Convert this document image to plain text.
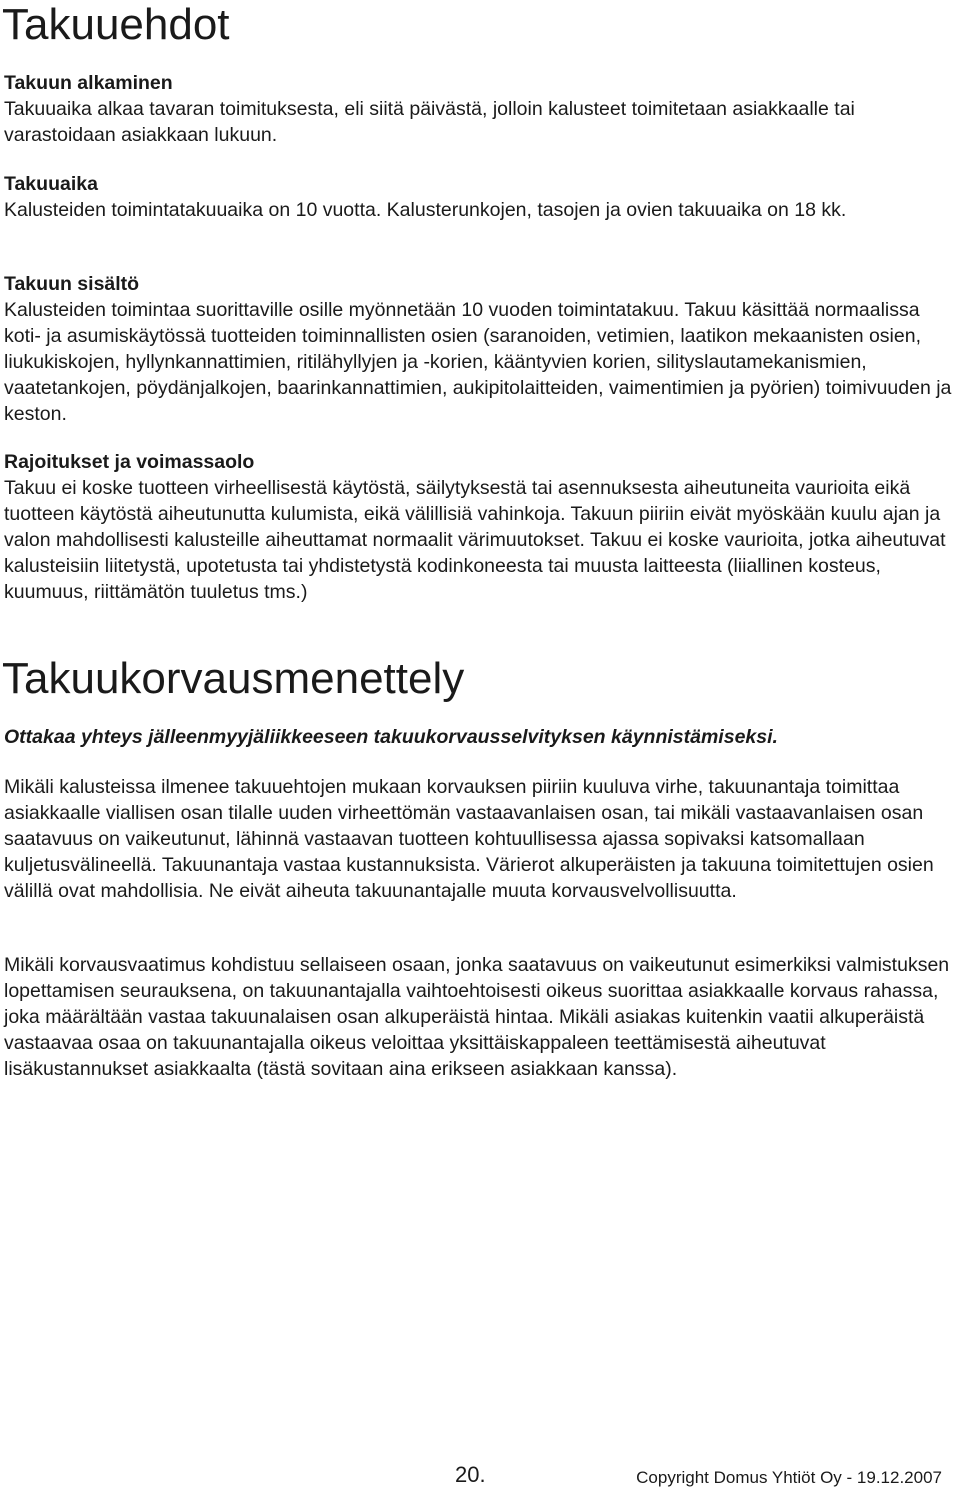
Takuuehdot
Takuun alkaminen

Takuuaika alkaa tavaran toimituksesta, eli siitä päivästä, jolloin kalusteet toimitetaan asiakkaalle tai varastoidaan asiakkaan lukuun.

Takuuaika

Kalusteiden toimintatakuuaika on 10 vuotta. Kalusterunkojen, tasojen ja ovien takuuaika on 18 kk.

Takuun sisältö

Kalusteiden toimintaa suorittaville osille myönnetään 10 vuoden toimintatakuu. Takuu käsittää normaalissa koti- ja asumiskäytössä tuotteiden toiminnallisten osien (saranoiden, vetimien, laatikon mekaanisten osien, liukukiskojen, hyllynkannattimien, ritilähyllyjen ja -korien, kääntyvien korien, silityslautamekanismien, vaatetankojen, pöydänjalkojen, baarinkannattimien, aukipitolaitteiden, vaimentimien ja pyörien) toimivuuden ja keston.

Rajoitukset ja voimassaolo

Takuu ei koske tuotteen virheellisestä käytöstä, säilytyksestä tai asennuksesta aiheutuneita vaurioita eikä tuotteen käytöstä aiheutunutta kulumista, eikä välillisiä vahinkoja. Takuun piiriin eivät myöskään kuulu ajan ja valon mahdollisesti kalusteille aiheuttamat normaalit värimuutokset. Takuu ei koske vaurioita, jotka aiheutuvat kalusteisiin liitetystä, upotetusta tai yhdistetystä kodinkoneesta tai muusta laitteesta (liiallinen kosteus, kuumuus, riittämätön tuuletus tms.)

Takuukorvausmenettely
Ottakaa yhteys jälleenmyyjäliikkeeseen takuukorvausselvityksen käynnistämiseksi.

Mikäli kalusteissa ilmenee takuuehtojen mukaan korvauksen piiriin kuuluva virhe, takuunantaja toimittaa asiakkaalle viallisen osan tilalle uuden virheettömän vastaavanlaisen osan, tai mikäli vastaavanlaisen osan saatavuus on vaikeutunut, lähinnä vastaavan tuotteen kohtuullisessa ajassa sopivaksi katsomallaan kuljetusvälineellä. Takuunantaja vastaa kustannuksista. Värierot alkuperäisten ja takuuna toimitettujen osien välillä ovat mahdollisia. Ne eivät aiheuta takuunantajalle muuta korvausvelvollisuutta.

Mikäli korvausvaatimus kohdistuu sellaiseen osaan, jonka saatavuus on vaikeutunut esimerkiksi valmistuksen lopettamisen seurauksena, on takuunantajalla vaihtoehtoisesti oikeus suorittaa asiakkaalle korvaus rahassa, joka määrältään vastaa takuunalaisen osan alkuperäistä hintaa. Mikäli asiakas kuitenkin vaatii alkuperäistä vastaavaa osaa on takuunantajalla oikeus veloittaa yksittäiskappaleen teettämisestä aiheutuvat lisäkustannukset asiakkaalta (tästä sovitaan aina erikseen asiakkaan kanssa).

20.	Copyright Domus Yhtiöt Oy - 19.12.2007
